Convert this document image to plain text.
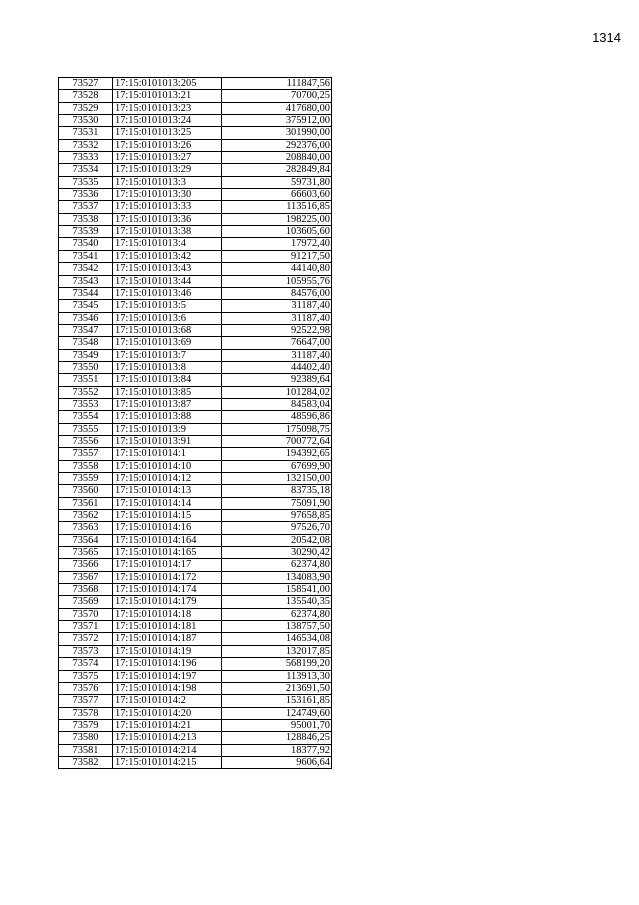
1314
73527	17:15:0101013:205	111847,56
73528	17:15:0101013:21	70700,25
73529	17:15:0101013:23	417680,00
73530	17:15:0101013:24	375912,00
73531	17:15:0101013:25	301990,00
73532	17:15:0101013:26	292376,00
73533	17:15:0101013:27	208840,00
73534	17:15:0101013:29	282849,84
73535	17:15:0101013:3	59731,80
73536	17:15:0101013:30	66603,60
73537	17:15:0101013:33	113516,85
73538	17:15:0101013:36	198225,00
73539	17:15:0101013:38	103605,60
73540	17:15:0101013:4	17972,40
73541	17:15:0101013:42	91217,50
73542	17:15:0101013:43	44140,80
73543	17:15:0101013:44	105955,76
73544	17:15:0101013:46	84576,00
73545	17:15:0101013:5	31187,40
73546	17:15:0101013:6	31187,40
73547	17:15:0101013:68	92522,98
73548	17:15:0101013:69	76647,00
73549	17:15:0101013:7	31187,40
73550	17:15:0101013:8	44402,40
73551	17:15:0101013:84	92389,64
73552	17:15:0101013:85	101284,02
73553	17:15:0101013:87	84583,04
73554	17:15:0101013:88	48596,86
73555	17:15:0101013:9	175098,75
73556	17:15:0101013:91	700772,64
73557	17:15:0101014:1	194392,65
73558	17:15:0101014:10	67699,90
73559	17:15:0101014:12	132150,00
73560	17:15:0101014:13	83735,18
73561	17:15:0101014:14	75091,90
73562	17:15:0101014:15	97658,85
73563	17:15:0101014:16	97526,70
73564	17:15:0101014:164	20542,08
73565	17:15:0101014:165	30290,42
73566	17:15:0101014:17	62374,80
73567	17:15:0101014:172	134083,90
73568	17:15:0101014:174	158541,00
73569	17:15:0101014:179	135540,35
73570	17:15:0101014:18	62374,80
73571	17:15:0101014:181	138757,50
73572	17:15:0101014:187	146534,08
73573	17:15:0101014:19	132017,85
73574	17:15:0101014:196	568199,20
73575	17:15:0101014:197	113913,30
73576	17:15:0101014:198	213691,50
73577	17:15:0101014:2	153161,85
73578	17:15:0101014:20	124749,60
73579	17:15:0101014:21	95001,70
73580	17:15:0101014:213	128846,25
73581	17:15:0101014:214	18377,92
73582	17:15:0101014:215	9606,64
